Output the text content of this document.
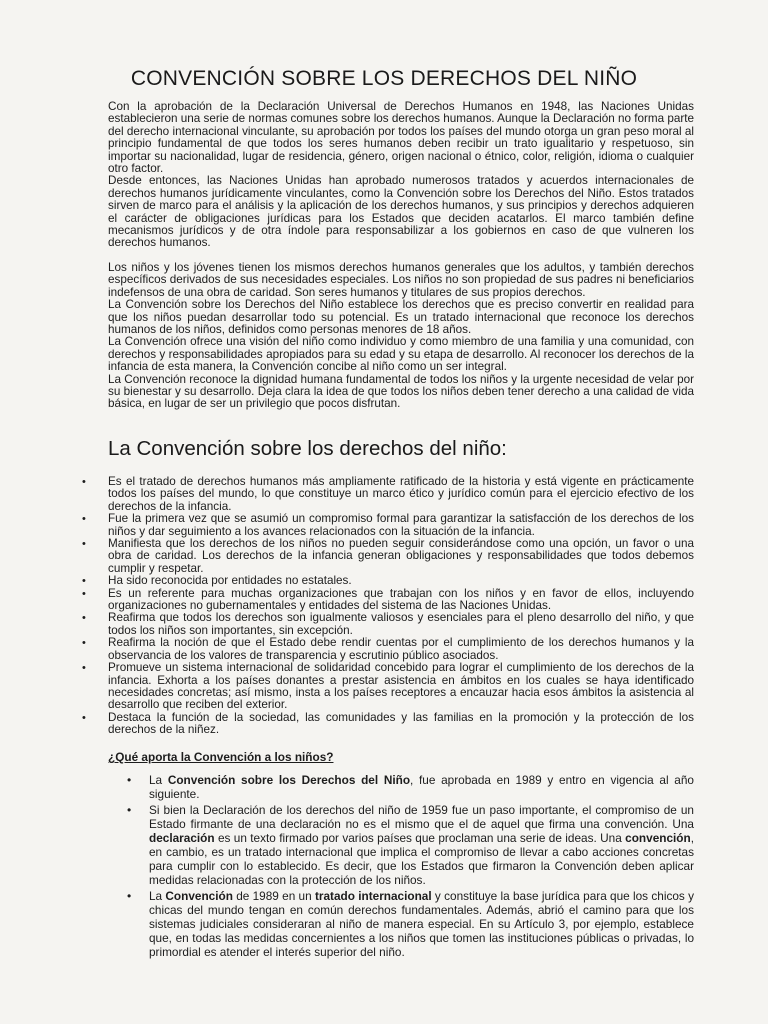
CONVENCIÓN SOBRE LOS DERECHOS DEL NIÑO

Con la aprobación de la Declaración Universal de Derechos Humanos en 1948, las Naciones Unidas establecieron una serie de normas comunes sobre los derechos humanos. Aunque la Declaración no forma parte del derecho internacional vinculante, su aprobación por todos los países del mundo otorga un gran peso moral al principio fundamental de que todos los seres humanos deben recibir un trato igualitario y respetuoso, sin importar su nacionalidad, lugar de residencia, género, origen nacional o étnico, color, religión, idioma o cualquier otro factor.

Desde entonces, las Naciones Unidas han aprobado numerosos tratados y acuerdos internacionales de derechos humanos jurídicamente vinculantes, como la Convención sobre los Derechos del Niño. Estos tratados sirven de marco para el análisis y la aplicación de los derechos humanos, y sus principios y derechos adquieren el carácter de obligaciones jurídicas para los Estados que deciden acatarlos. El marco también define mecanismos jurídicos y de otra índole para responsabilizar a los gobiernos en caso de que vulneren los derechos humanos.

Los niños y los jóvenes tienen los mismos derechos humanos generales que los adultos, y también derechos específicos derivados de sus necesidades especiales. Los niños no son propiedad de sus padres ni beneficiarios indefensos de una obra de caridad. Son seres humanos y titulares de sus propios derechos.

La Convención sobre los Derechos del Niño establece los derechos que es preciso convertir en realidad para que los niños puedan desarrollar todo su potencial. Es un tratado internacional que reconoce los derechos humanos de los niños, definidos como personas menores de 18 años.

La Convención ofrece una visión del niño como individuo y como miembro de una familia y una comunidad, con derechos y responsabilidades apropiados para su edad y su etapa de desarrollo. Al reconocer los derechos de la infancia de esta manera, la Convención concibe al niño como un ser integral.

La Convención reconoce la dignidad humana fundamental de todos los niños y la urgente necesidad de velar por su bienestar y su desarrollo. Deja clara la idea de que todos los niños deben tener derecho a una calidad de vida básica, en lugar de ser un privilegio que pocos disfrutan.

La Convención sobre los derechos del niño:
• Es el tratado de derechos humanos más ampliamente ratificado de la historia y está vigente en prácticamente todos los países del mundo, lo que constituye un marco ético y jurídico común para el ejercicio efectivo de los derechos de la infancia.
• Fue la primera vez que se asumió un compromiso formal para garantizar la satisfacción de los derechos de los niños y dar seguimiento a los avances relacionados con la situación de la infancia.
• Manifiesta que los derechos de los niños no pueden seguir considerándose como una opción, un favor o una obra de caridad. Los derechos de la infancia generan obligaciones y responsabilidades que todos debemos cumplir y respetar.
• Ha sido reconocida por entidades no estatales.
• Es un referente para muchas organizaciones que trabajan con los niños y en favor de ellos, incluyendo organizaciones no gubernamentales y entidades del sistema de las Naciones Unidas.
• Reafirma que todos los derechos son igualmente valiosos y esenciales para el pleno desarrollo del niño, y que todos los niños son importantes, sin excepción.
• Reafirma la noción de que el Estado debe rendir cuentas por el cumplimiento de los derechos humanos y la observancia de los valores de transparencia y escrutinio público asociados.
• Promueve un sistema internacional de solidaridad concebido para lograr el cumplimiento de los derechos de la infancia. Exhorta a los países donantes a prestar asistencia en ámbitos en los cuales se haya identificado necesidades concretas; así mismo, insta a los países receptores a encauzar hacia esos ámbitos la asistencia al desarrollo que reciben del exterior.
• Destaca la función de la sociedad, las comunidades y las familias en la promoción y la protección de los derechos de la niñez.

¿Qué aporta la Convención a los niños?

• La Convención sobre los Derechos del Niño, fue aprobada en 1989 y entro en vigencia al año siguiente.
• Si bien la Declaración de los derechos del niño de 1959 fue un paso importante, el compromiso de un Estado firmante de una declaración no es el mismo que el de aquel que firma una convención. Una declaración es un texto firmado por varios países que proclaman una serie de ideas. Una convención, en cambio, es un tratado internacional que implica el compromiso de llevar a cabo acciones concretas para cumplir con lo establecido. Es decir, que los Estados que firmaron la Convención deben aplicar medidas relacionadas con la protección de los niños.
• La Convención de 1989 en un tratado internacional y constituye la base jurídica para que los chicos y chicas del mundo tengan en común derechos fundamentales. Además, abrió el camino para que los sistemas judiciales consideraran al niño de manera especial. En su Artículo 3, por ejemplo, establece que, en todas las medidas concernientes a los niños que tomen las instituciones públicas o privadas, lo primordial es atender el interés superior del niño.
